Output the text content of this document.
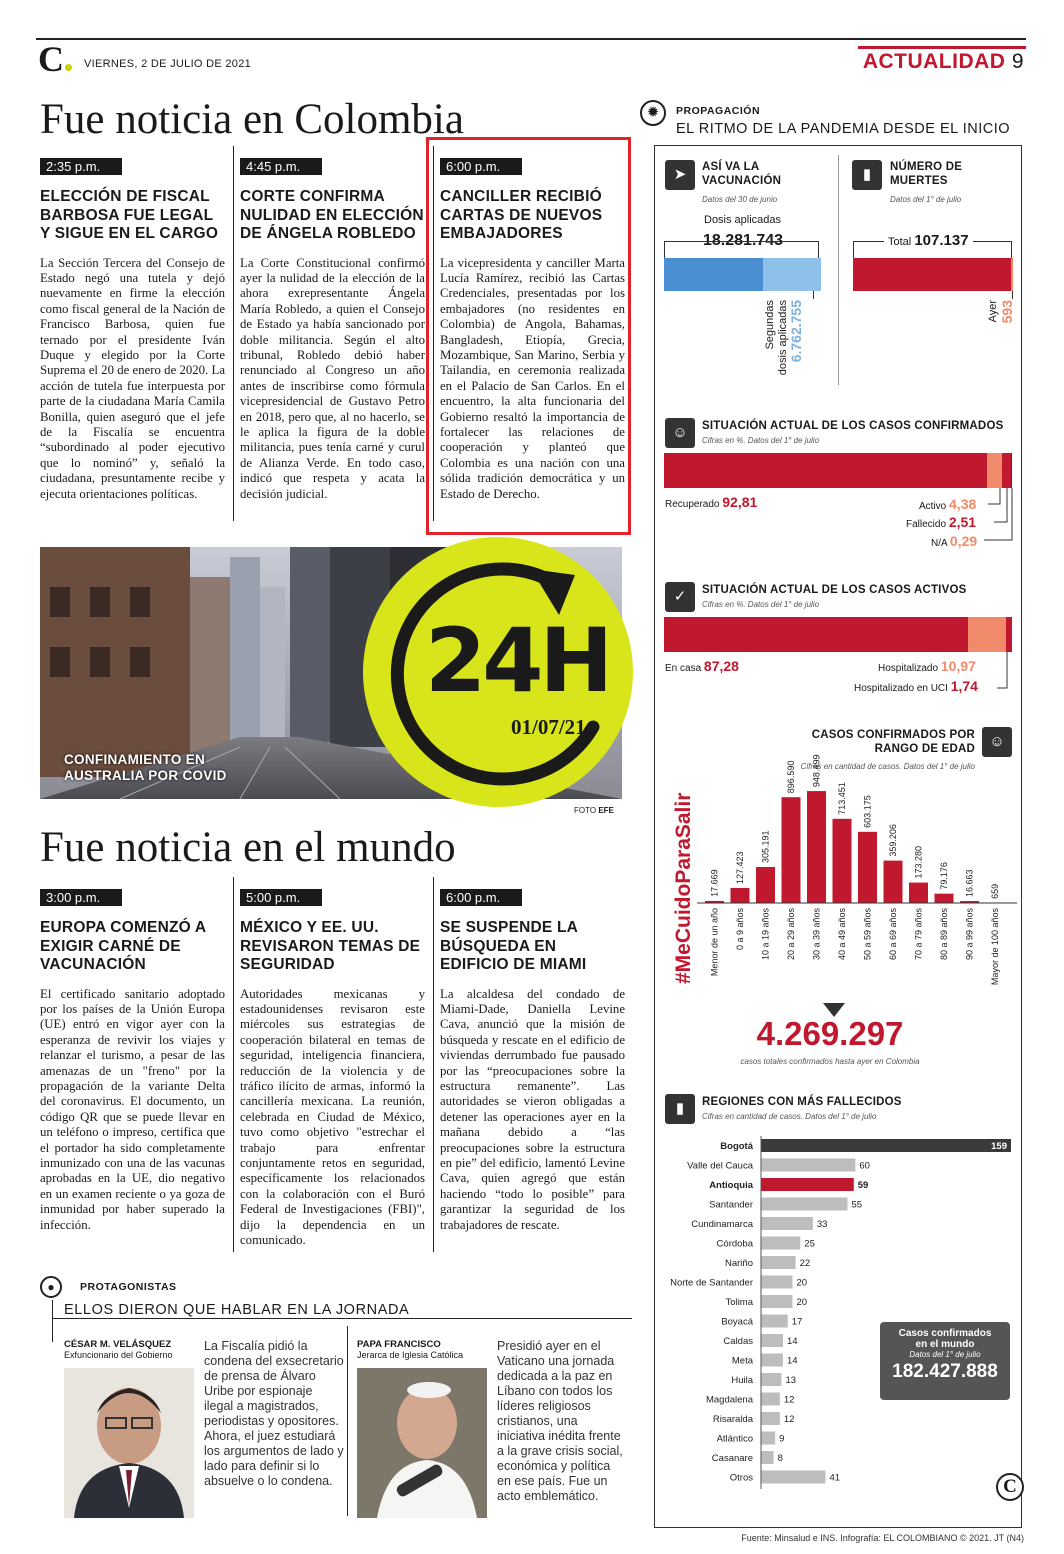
C	VIERNES, 2 DE JULIO DE 2021	ACTUALIDAD 9
Fue noticia en Colombia
2:35 p.m.
ELECCIÓN DE FISCAL BARBOSA FUE LEGAL Y SIGUE EN EL CARGO
La Sección Tercera del Consejo de Estado negó una tutela y dejó nuevamente en firme la elección como fiscal general de la Nación de Francisco Barbosa, quien fue ternado por el presidente Iván Duque y elegido por la Corte Suprema el 20 de enero de 2020. La acción de tutela fue interpuesta por parte de la ciudadana María Camila Bonilla, quien aseguró que el jefe de la Fiscalía se encuentra “subordinado al poder ejecutivo que lo nominó” y, señaló la ciudadana, presuntamente recibe y ejecuta orientaciones políticas.
4:45 p.m.
CORTE CONFIRMA NULIDAD EN ELECCIÓN DE ÁNGELA ROBLEDO
La Corte Constitucional confirmó ayer la nulidad de la elección de la ahora exrepresentante Ángela María Robledo, a quien el Consejo de Estado ya había sancionado por doble militancia. Según el alto tribunal, Robledo debió haber renunciado al Congreso un año antes de inscribirse como fórmula vicepresidencial de Gustavo Petro en 2018, pero que, al no hacerlo, se le aplica la figura de la doble militancia, pues tenía carné y curul de Alianza Verde. En todo caso, indicó que respeta y acata la decisión judicial.
6:00 p.m.
CANCILLER RECIBIÓ CARTAS DE NUEVOS EMBAJADORES
La vicepresidenta y canciller Marta Lucía Ramírez, recibió las Cartas Credenciales, presentadas por los embajadores (no residentes en Colombia) de Angola, Bahamas, Bangladesh, Etiopía, Grecia, Mozambique, San Marino, Serbia y Tailandia, en ceremonia realizada en el Palacio de San Carlos. En el encuentro, la alta funcionaria del Gobierno resaltó la importancia de fortalecer las relaciones de cooperación y planteó que Colombia es una nación con una sólida tradición democrática y un Estado de Derecho.
CONFINAMIENTO EN
AUSTRALIA POR COVID
24H
01/07/21
FOTO EFE
Fue noticia en el mundo
3:00 p.m.
EUROPA COMENZÓ A EXIGIR CARNÉ DE VACUNACIÓN
El certificado sanitario adoptado por los países de la Unión Europa (UE) entró en vigor ayer con la esperanza de revivir los viajes y relanzar el turismo, a pesar de las amenazas de un "freno" por la propagación de la variante Delta del coronavirus. El documento, un código QR que se puede llevar en un teléfono o impreso, certifica que el portador ha sido completamente inmunizado con una de las vacunas aprobadas en la UE, dio negativo en un examen reciente o ya goza de inmunidad por haber superado la infección.
5:00 p.m.
MÉXICO Y EE. UU. REVISARON TEMAS DE SEGURIDAD
Autoridades mexicanas y estadounidenses revisaron este miércoles sus estrategias de cooperación bilateral en temas de seguridad, inteligencia financiera, reducción de la violencia y de tráfico ilícito de armas, informó la cancillería mexicana. La reunión, celebrada en Ciudad de México, tuvo como objetivo "estrechar el trabajo para enfrentar conjuntamente retos en seguridad, específicamente los relacionados con la colaboración con el Buró Federal de Investigaciones (FBI)", dijo la dependencia en un comunicado.
6:00 p.m.
SE SUSPENDE LA BÚSQUEDA EN EDIFICIO DE MIAMI
La alcaldesa del condado de Miami-Dade, Daniella Levine Cava, anunció que la misión de búsqueda y rescate en el edificio de viviendas derrumbado fue pausado por las “preocupaciones sobre la estructura remanente”. Las autoridades se vieron obligadas a detener las operaciones ayer en la mañana debido a “las preocupaciones sobre la estructura en pie” del edificio, lamentó Levine Cava, quien agregó que están haciendo “todo lo posible” para garantizar la seguridad de los trabajadores de rescate.
●	PROTAGONISTAS
ELLOS DIERON QUE HABLAR EN LA JORNADA
CÉSAR M. VELÁSQUEZ
Exfuncionario del Gobierno
La Fiscalía pidió la condena del exsecretario de prensa de Álvaro Uribe por espionaje ilegal a magistrados, periodistas y opositores. Ahora, el juez estudiará los argumentos de lado y lado para definir si lo absuelve o lo condena.
PAPA FRANCISCO
Jerarca de Iglesia Católica
Presidió ayer en el Vaticano una jornada dedicada a la paz en Líbano con todos los líderes religiosos cristianos, una iniciativa inédita frente a la grave crisis social, económica y política en ese país. Fue un acto emblemático.
✹	PROPAGACIÓN
EL RITMO DE LA PANDEMIA DESDE EL INICIO
➤	ASÍ VA LA VACUNACIÓN
Datos del 30 de junio
Dosis aplicadas
18.281.743
Segundas dosis aplicadas 6.762.755
▮	NÚMERO DE MUERTES
Datos del 1° de julio
Total 107.137
Ayer 593
☺	SITUACIÓN ACTUAL DE LOS CASOS CONFIRMADOS
Cifras en %. Datos del 1° de julio
Recuperado 92,81	Activo 4,38
Fallecido 2,51
N/A 0,29
✓	SITUACIÓN ACTUAL DE LOS CASOS ACTIVOS
Cifras en %. Datos del 1° de julio
En casa 87,28	Hospitalizado 10,97
Hospitalizado en UCI 1,74
#MeCuidoParaSalir
CASOS CONFIRMADOS POR RANGO DE EDAD
Cifras en cantidad de casos. Datos del 1° de julio
☺
17.669
Menor de un año
127.423
0 a 9 años
305.191
10 a 19 años
896.590
20 a 29 años
948.499
30 a 39 años
713.451
40 a 49 años
603.175
50 a 59 años
359.206
60 a 69 años
173.280
70 a 79 años
79.176
80 a 89 años
16.663
90 a 99 años
659
Mayor de 100 años
4.269.297
casos totales confirmados hasta ayer en Colombia
▮	REGIONES CON MÁS FALLECIDOS
Cifras en cantidad de casos. Datos del 1° de julio
Bogotá	159
Valle del Cauca	60
Antioquia	59
Santander	55
Cundinamarca	33
Córdoba	25
Nariño	22
Norte de Santander	20
Tolima	20
Boyacá	17
Caldas	14
Meta	14
Huila	13
Magdalena	12
Risaralda	12
Atlántico	9
Casanare	8
Otros	41
Casos confirmados
en el mundo
Datos del 1° de julio
182.427.888
C
Fuente: Minsalud e INS. Infografía: EL COLOMBIANO © 2021. JT (N4)
